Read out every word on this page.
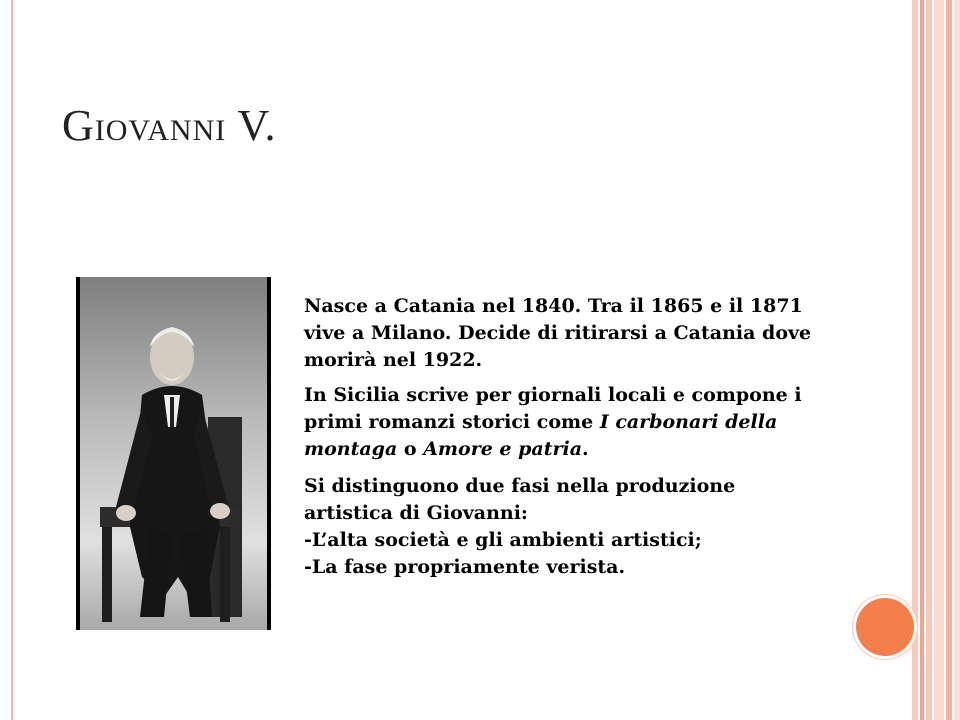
GIOVANNI V.

Nasce a Catania nel 1840. Tra il 1865 e il 1871 vive a Milano. Decide di ritirarsi a Catania dove morirà nel 1922.

In Sicilia scrive per giornali locali e compone i primi romanzi storici come I carbonari della montaga o Amore e patria.

Si distinguono due fasi nella produzione artistica di Giovanni:
-L’alta società e gli ambienti artistici;
-La fase propriamente verista.
